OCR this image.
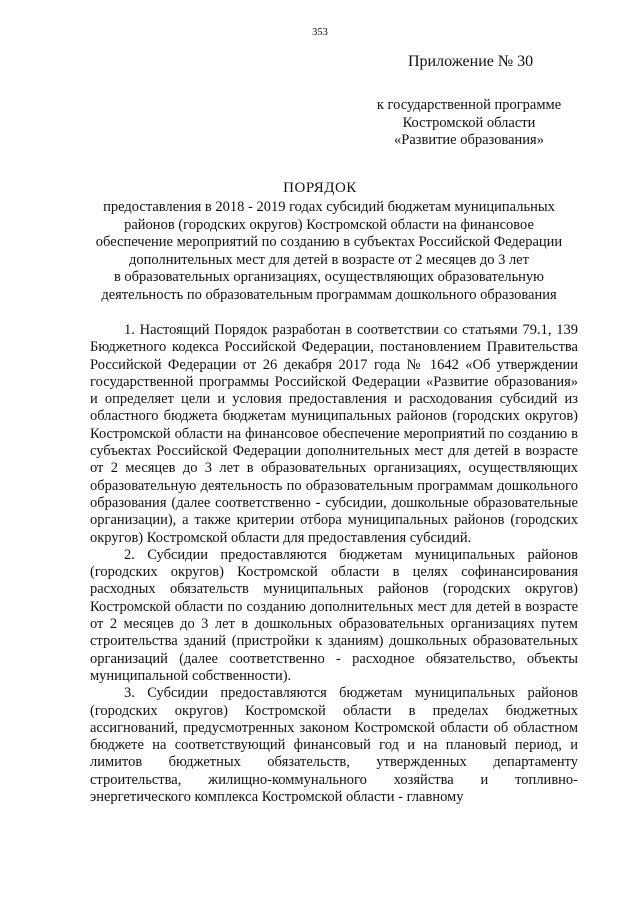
353
Приложение № 30
к государственной программе
Костромской области
«Развитие образования»
ПОРЯДОК
предоставления в 2018 - 2019 годах субсидий бюджетам муниципальных
районов (городских округов) Костромской области на финансовое
обеспечение мероприятий по созданию в субъектах Российской Федерации
дополнительных мест для детей в возрасте от 2 месяцев до 3 лет
в образовательных организациях, осуществляющих образовательную
деятельность по образовательным программам дошкольного образования

1. Настоящий Порядок разработан в соответствии со статьями 79.1, 139 Бюджетного кодекса Российской Федерации, постановлением Правительства Российской Федерации от 26 декабря 2017 года № 1642 «Об утверждении государственной программы Российской Федерации «Развитие образования» и определяет цели и условия предоставления и расходования субсидий из областного бюджета бюджетам муниципальных районов (городских округов) Костромской области на финансовое обеспечение мероприятий по созданию в субъектах Российской Федерации дополнительных мест для детей в возрасте от 2 месяцев до 3 лет в образовательных организациях, осуществляющих образовательную деятельность по образовательным программам дошкольного образования (далее соответственно - субсидии, дошкольные образовательные организации), а также критерии отбора муниципальных районов (городских округов) Костромской области для предоставления субсидий.

2. Субсидии предоставляются бюджетам муниципальных районов (городских округов) Костромской области в целях софинансирования расходных обязательств муниципальных районов (городских округов) Костромской области по созданию дополнительных мест для детей в возрасте от 2 месяцев до 3 лет в дошкольных образовательных организациях путем строительства зданий (пристройки к зданиям) дошкольных образовательных организаций (далее соответственно - расходное обязательство, объекты муниципальной собственности).

3. Субсидии предоставляются бюджетам муниципальных районов (городских округов) Костромской области в пределах бюджетных ассигнований, предусмотренных законом Костромской области об областном бюджете на соответствующий финансовый год и на плановый период, и лимитов бюджетных обязательств, утвержденных департаменту строительства, жилищно-коммунального хозяйства и топливно-энергетического комплекса Костромской области - главному
